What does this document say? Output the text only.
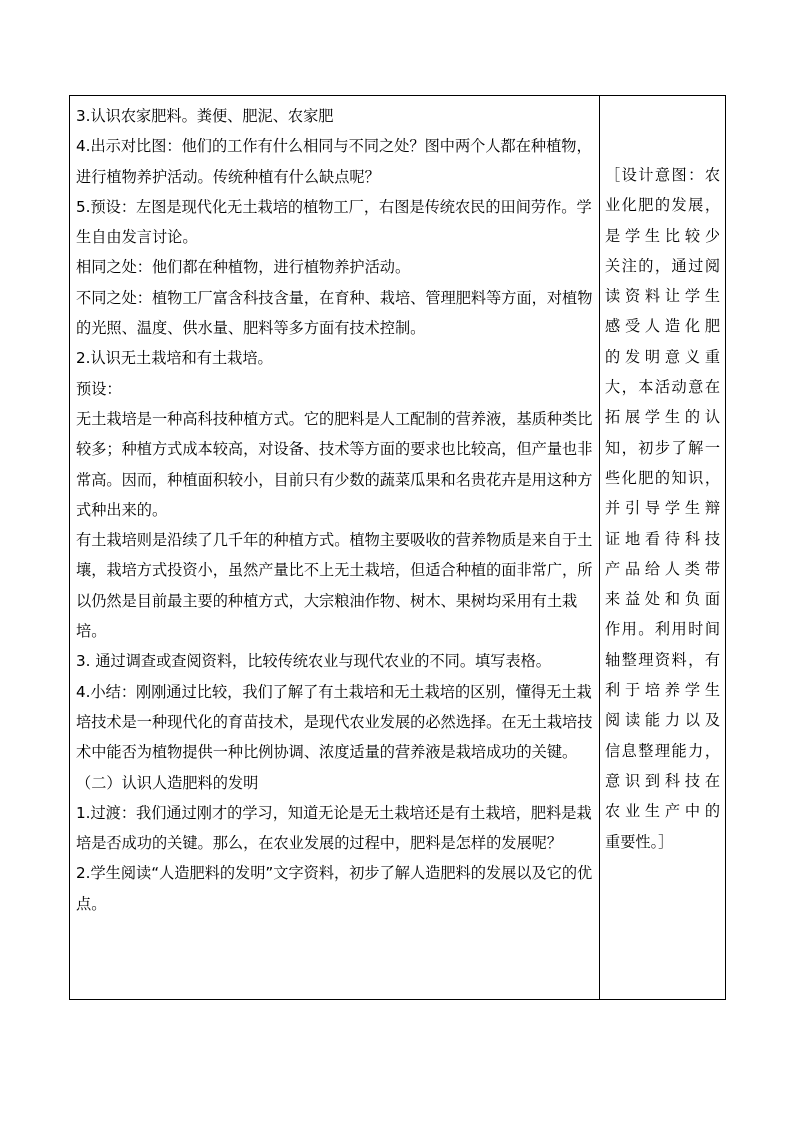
3.认识农家肥料。粪便、肥泥、农家肥

4.出示对比图：他们的工作有什么相同与不同之处？图中两个人都在种植物，进行植物养护活动。传统种植有什么缺点呢？

5.预设：左图是现代化无土栽培的植物工厂，右图是传统农民的田间劳作。学生自由发言讨论。

相同之处：他们都在种植物，进行植物养护活动。

不同之处：植物工厂富含科技含量，在育种、栽培、管理肥料等方面，对植物的光照、温度、供水量、肥料等多方面有技术控制。

2.认识无土栽培和有土栽培。

预设：

无土栽培是一种高科技种植方式。它的肥料是人工配制的营养液，基质种类比较多；种植方式成本较高，对设备、技术等方面的要求也比较高，但产量也非常高。因而，种植面积较小，目前只有少数的蔬菜瓜果和名贵花卉是用这种方式种出来的。

有土栽培则是沿续了几千年的种植方式。植物主要吸收的营养物质是来自于土壤，栽培方式投资小，虽然产量比不上无土栽培，但适合种植的面非常广，所以仍然是目前最主要的种植方式，大宗粮油作物、树木、果树均采用有土栽培。

3. 通过调查或查阅资料，比较传统农业与现代农业的不同。填写表格。

4.小结：刚刚通过比较，我们了解了有土栽培和无土栽培的区别，懂得无土栽培技术是一种现代化的育苗技术，是现代农业发展的必然选择。在无土栽培技术中能否为植物提供一种比例协调、浓度适量的营养液是栽培成功的关键。

（二）认识人造肥料的发明

1.过渡：我们通过刚才的学习，知道无论是无土栽培还是有土栽培，肥料是栽培是否成功的关键。那么，在农业发展的过程中，肥料是怎样的发展呢？

2.学生阅读“人造肥料的发明”文字资料，初步了解人造肥料的发展以及它的优点。

［设计意图：农
业化肥的发展，
是学生比较少
关注的，通过阅
读资料让学生
感受人造化肥
的发明意义重
大，本活动意在
拓展学生的认
知，初步了解一
些化肥的知识，
并引导学生辩
证地看待科技
产品给人类带
来益处和负面
作用。利用时间
轴整理资料，有
利于培养学生
阅读能力以及
信息整理能力，
意识到科技在
农业生产中的
重要性。］
